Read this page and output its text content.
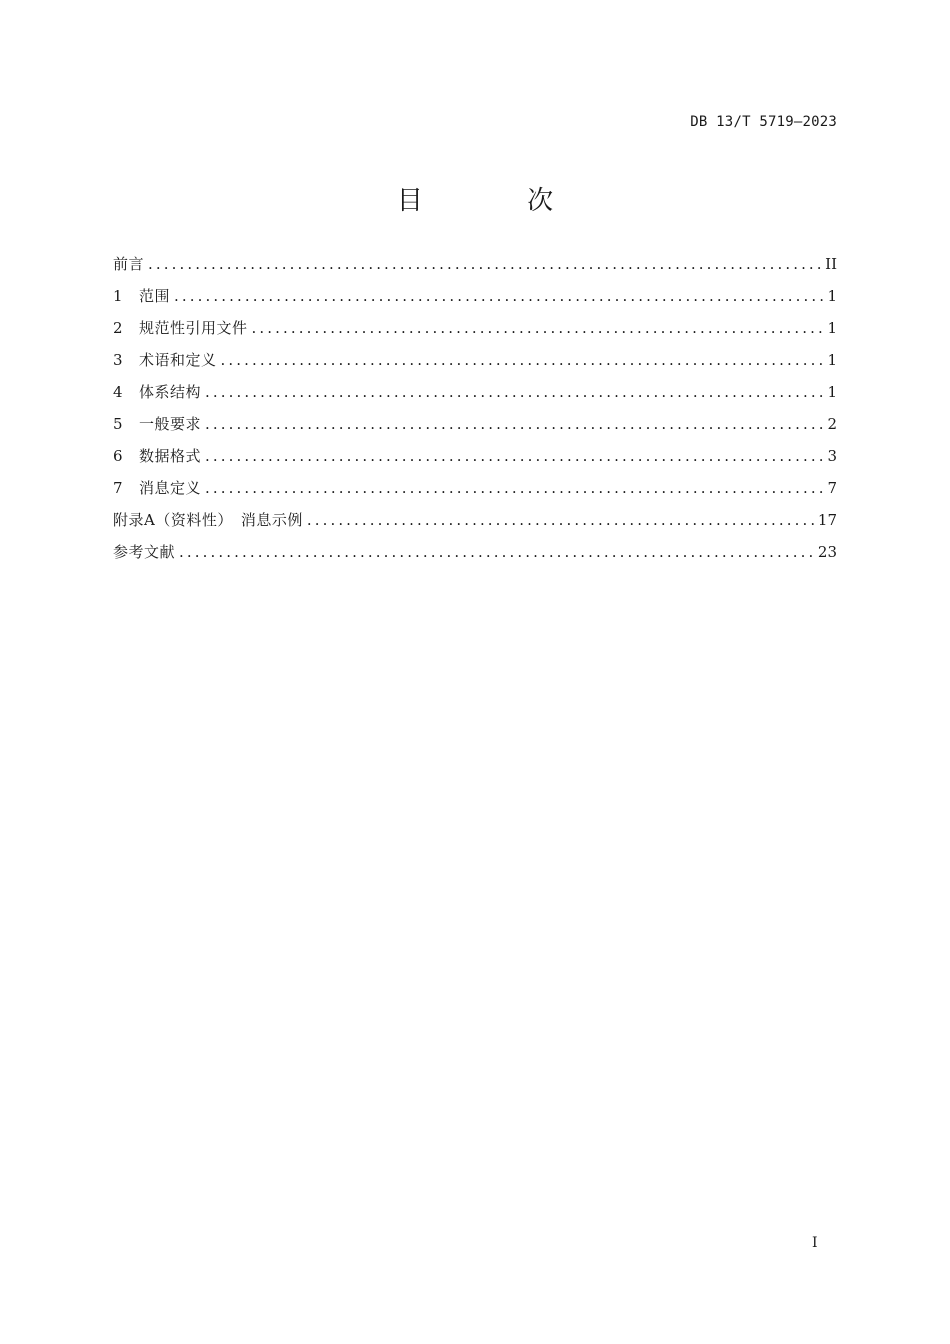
DB 13/T 5719—2023
目 次
前言 .....	II
1	范围 .....	1
2	规范性引用文件 .....	1
3	术语和定义 .....	1
4	体系结构 .....	1
5	一般要求 .....	2
6	数据格式 .....	3
7	消息定义 .....	7
附录A（资料性）　消息示例 .....	17
参考文献 .....	23
I
